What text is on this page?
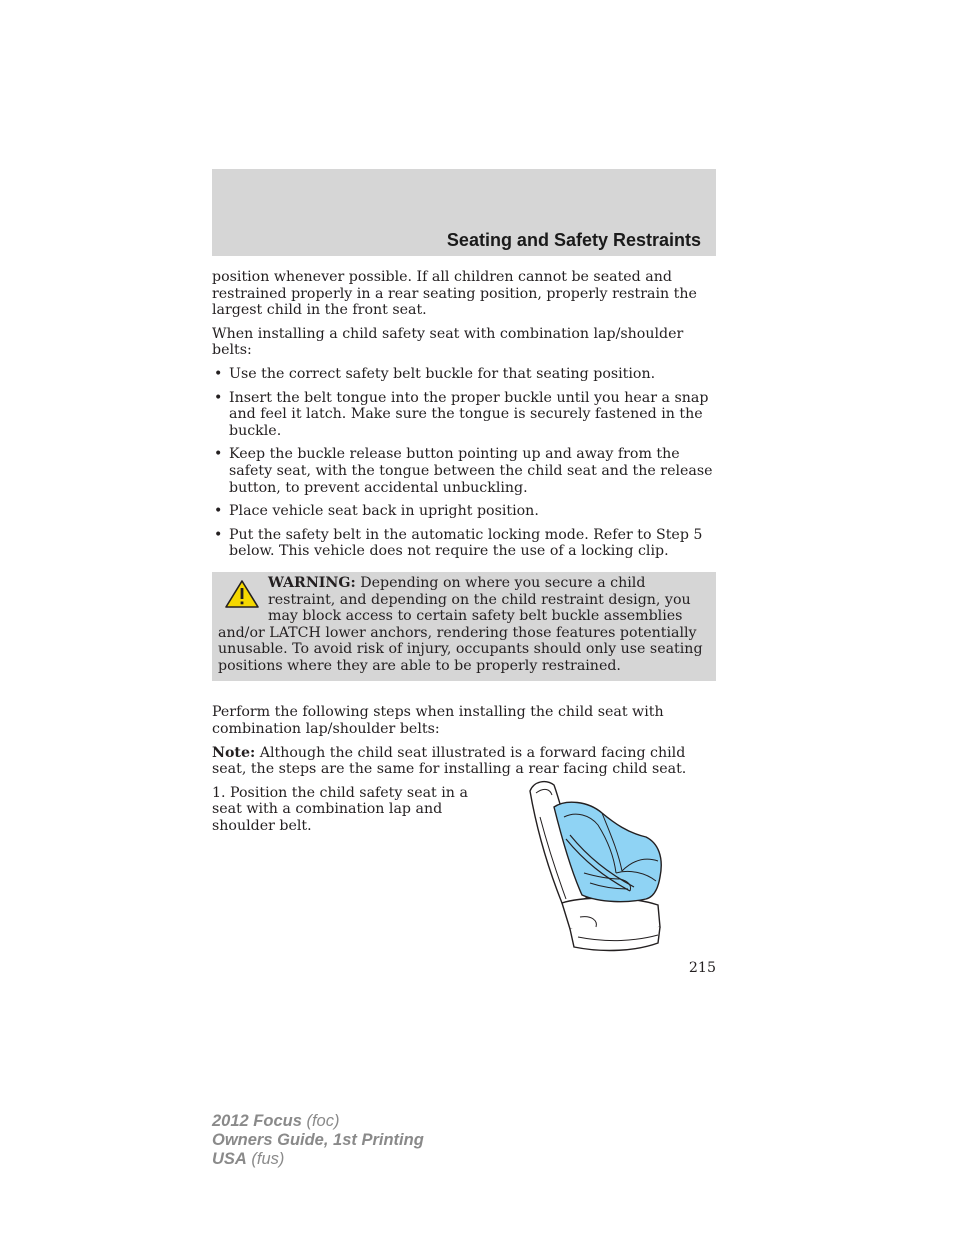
Seating and Safety Restraints

position whenever possible. If all children cannot be seated and restrained properly in a rear seating position, properly restrain the largest child in the front seat.

When installing a child safety seat with combination lap/shoulder belts:

• Use the correct safety belt buckle for that seating position.
• Insert the belt tongue into the proper buckle until you hear a snap and feel it latch. Make sure the tongue is securely fastened in the buckle.
• Keep the buckle release button pointing up and away from the safety seat, with the tongue between the child seat and the release button, to prevent accidental unbuckling.
• Place vehicle seat back in upright position.
• Put the safety belt in the automatic locking mode. Refer to Step 5 below. This vehicle does not require the use of a locking clip.
WARNING: Depending on where you secure a child restraint, and depending on the child restraint design, you may block access to certain safety belt buckle assemblies and/or LATCH lower anchors, rendering those features potentially unusable. To avoid risk of injury, occupants should only use seating positions where they are able to be properly restrained.

Perform the following steps when installing the child seat with combination lap/shoulder belts:

Note: Although the child seat illustrated is a forward facing child seat, the steps are the same for installing a rear facing child seat.

1. Position the child safety seat in a seat with a combination lap and shoulder belt.

215
2012 Focus (foc)
Owners Guide, 1st Printing
USA (fus)
